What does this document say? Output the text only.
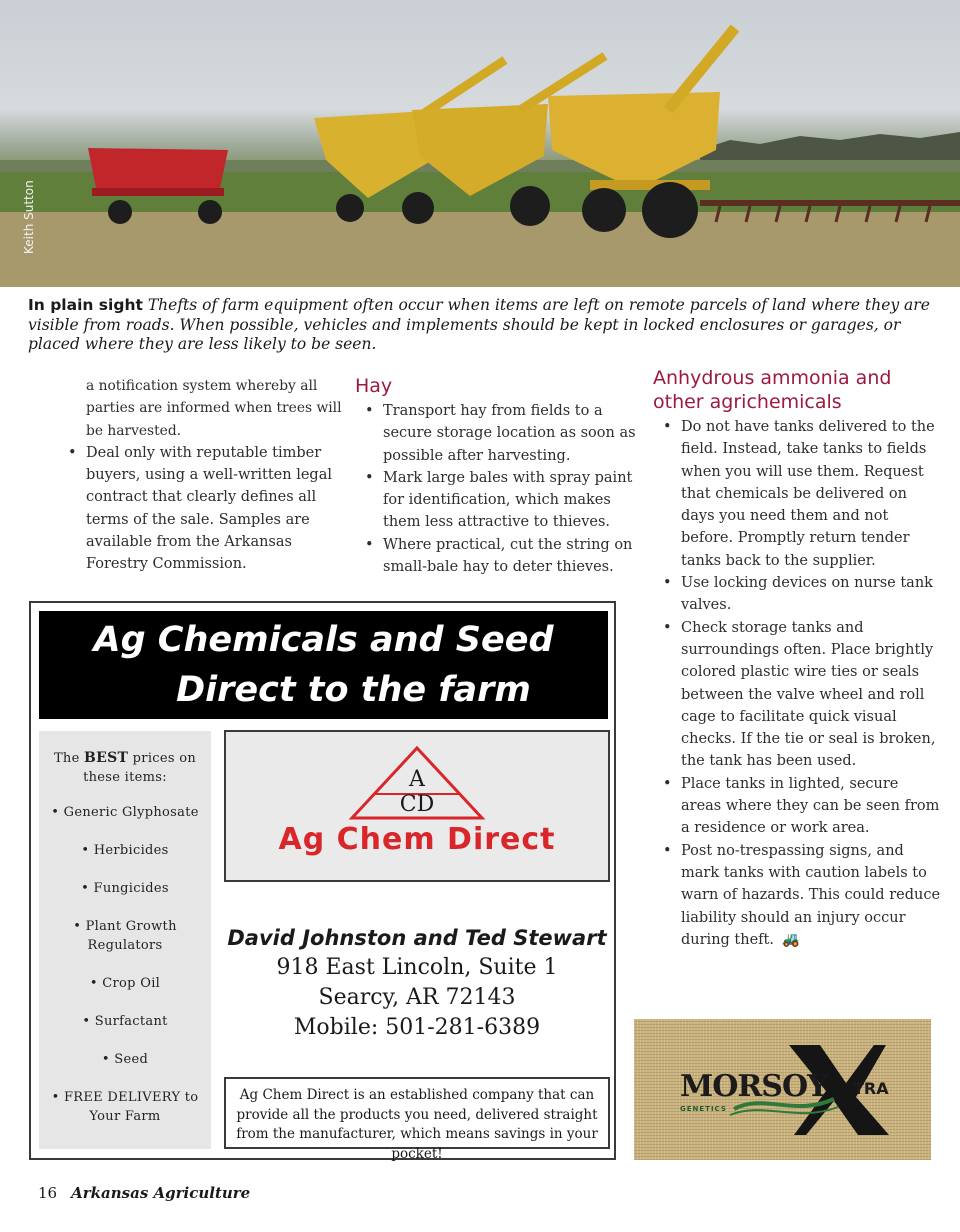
Keith Sutton

In plain sight Thefts of farm equipment often occur when items are left on remote parcels of land where they are visible from roads. When possible, vehicles and implements should be kept in locked enclosures or garages, or placed where they are less likely to be seen.

a notification system whereby all parties are informed when trees will be harvested.

• Deal only with reputable timber buyers, using a well-written legal contract that clearly defines all terms of the sale. Samples are available from the Arkansas Forestry Commission.
Hay
• Transport hay from fields to a secure storage location as soon as possible after harvesting.
• Mark large bales with spray paint for identification, which makes them less attractive to thieves.
• Where practical, cut the string on small-bale hay to deter thieves.
Anhydrous ammonia and other agrichemicals
• Do not have tanks delivered to the field. Instead, take tanks to fields when you will use them. Request that chemicals be delivered on days you need them and not before. Promptly return tender tanks back to the supplier.
• Use locking devices on nurse tank valves.
• Check storage tanks and surroundings often. Place brightly colored plastic wire ties or seals between the valve wheel and roll cage to facilitate quick visual checks. If the tie or seal is broken, the tank has been used.
• Place tanks in lighted, secure areas where they can be seen from a residence or work area.
• Post no-trespassing signs, and mark tanks with caution labels to warn of hazards. This could reduce liability should an injury occur during theft. 🚜
Ag Chemicals and Seed
Direct to the farm
The BEST prices on these items:
• Generic Glyphosate
• Herbicides
• Fungicides
• Plant Growth Regulators
• Crop Oil
• Surfactant
• Seed
• FREE DELIVERY to Your Farm
A
CD
Ag Chem Direct
David Johnston and Ted Stewart
918 East Lincoln, Suite 1
Searcy, AR 72143
Mobile: 501-281-6389
Ag Chem Direct is an established company that can provide all the products you need, delivered straight from the manufacturer, which means savings in your pocket!
MORSOY
GENETICS
TRA
16 Arkansas Agriculture
